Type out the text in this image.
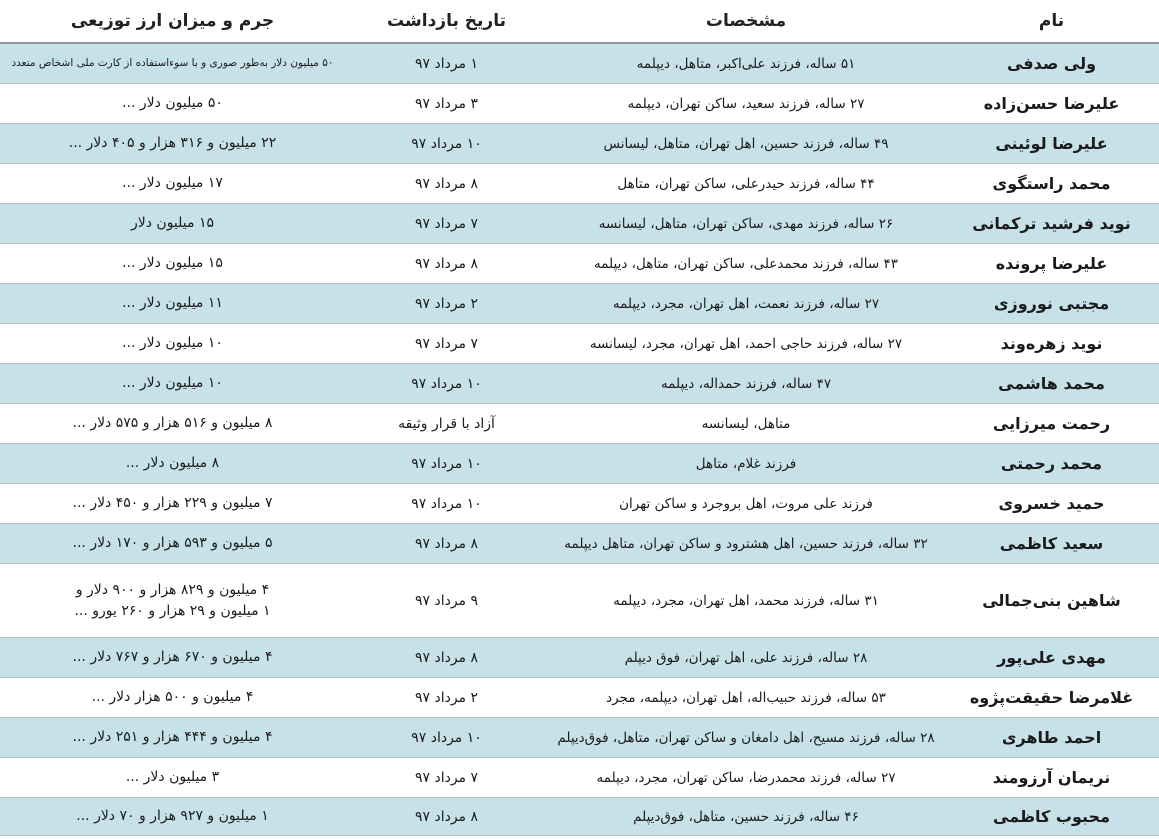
نام
مشخصات
تاریخ بازداشت
جرم و میزان ارز توزیعی
ولی صدفی
۵۱ ساله، فرزند علی‌اکبر، متاهل، دیپلمه
۱ مرداد ۹۷
۵۰ میلیون دلار به‌طور صوری و با سوءاستفاده از کارت ملی اشخاص متعدد
علیرضا حسن‌زاده
۲۷ ساله، فرزند سعید، ساکن تهران، دیپلمه
۳ مرداد ۹۷
۵۰ میلیون دلار ...
علیرضا لوئینی
۴۹ ساله، فرزند حسین، اهل تهران، متاهل، لیسانس
۱۰ مرداد ۹۷
۲۲ میلیون و ۳۱۶ هزار و ۴۰۵ دلار ...
محمد راستگوی
۴۴ ساله، فرزند حیدرعلی، ساکن تهران، متاهل
۸ مرداد ۹۷
۱۷ میلیون دلار ...
نوید فرشید ترکمانی
۲۶ ساله، فرزند مهدی، ساکن تهران، متاهل، لیسانسه
۷ مرداد ۹۷
۱۵ میلیون دلار
علیرضا پرونده
۴۳ ساله، فرزند محمدعلی، ساکن تهران، متاهل، دیپلمه
۸ مرداد ۹۷
۱۵ میلیون دلار ...
مجتبی نوروزی
۲۷ ساله، فرزند نعمت، اهل تهران، مجرد، دیپلمه
۲ مرداد ۹۷
۱۱ میلیون دلار ...
نوید زهره‌وند
۲۷ ساله، فرزند حاجی احمد، اهل تهران، مجرد، لیسانسه
۷ مرداد ۹۷
۱۰ میلیون دلار ...
محمد هاشمی
۴۷ ساله، فرزند حمداله، دیپلمه
۱۰ مرداد ۹۷
۱۰ میلیون دلار ...
رحمت میرزایی
متاهل، لیسانسه
آزاد با قرار وثیقه
۸ میلیون و ۵۱۶ هزار و ۵۷۵ دلار ...
محمد رحمتی
فرزند غلام، متاهل
۱۰ مرداد ۹۷
۸ میلیون دلار ...
حمید خسروی
فرزند علی مروت، اهل بروجرد و ساکن تهران
۱۰ مرداد ۹۷
۷ میلیون و ۲۲۹ هزار و ۴۵۰ دلار ...
سعید کاظمی
۳۲ ساله، فرزند حسین، اهل هشترود و ساکن تهران، متاهل دیپلمه
۸ مرداد ۹۷
۵ میلیون و ۵۹۳ هزار و ۱۷۰ دلار ...
شاهین بنی‌جمالی
۳۱ ساله، فرزند محمد، اهل تهران، مجرد، دیپلمه
۹ مرداد ۹۷
۴ میلیون و ۸۲۹ هزار و ۹۰۰ دلار و
۱ میلیون و ۲۹ هزار و ۲۶۰ یورو ...
مهدی علی‌پور
۲۸ ساله، فرزند علی، اهل تهران، فوق دیپلم
۸ مرداد ۹۷
۴ میلیون و ۶۷۰ هزار و ۷۶۷ دلار ...
غلامرضا حقیقت‌پژوه
۵۳ ساله، فرزند حبیب‌اله، اهل تهران، دیپلمه، مجرد
۲ مرداد ۹۷
۴ میلیون و ۵۰۰ هزار دلار ...
احمد طاهری
۲۸ ساله، فرزند مسیح، اهل دامغان و ساکن تهران، متاهل، فوق‌دیپلم
۱۰ مرداد ۹۷
۴ میلیون و ۴۴۴ هزار و ۲۵۱ دلار ...
نریمان آرزومند
۲۷ ساله، فرزند محمدرضا، ساکن تهران، مجرد، دیپلمه
۷ مرداد ۹۷
۳ میلیون دلار ...
محبوب کاظمی
۴۶ ساله، فرزند حسین، متاهل، فوق‌دیپلم
۸ مرداد ۹۷
۱ میلیون و ۹۲۷ هزار و ۷۰ دلار ...
